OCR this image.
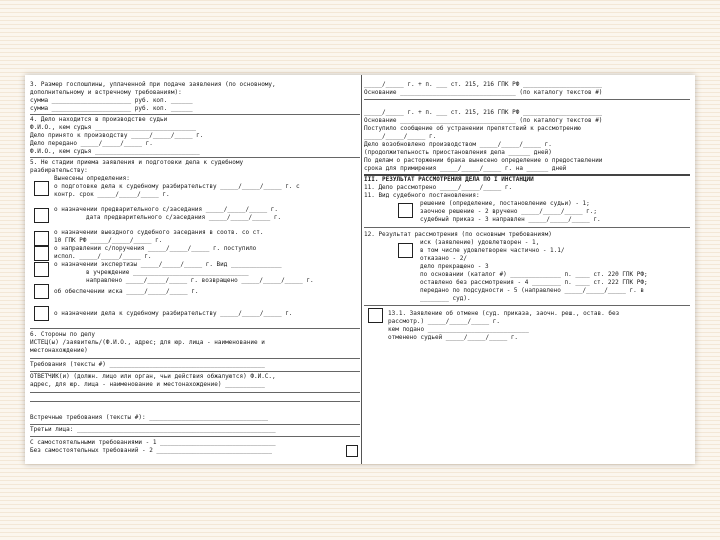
3. Размер госпошлины, уплаченной при подаче заявления (по основному,
дополнительному и встречному требованиям):
сумма ______________________ руб. коп. ______
сумма ______________________ руб. коп. ______
4. Дело находится в производстве судьи
Ф.И.О., кем судья ____________________________
Дело принято к производству _____/_____/_____ г.
Дело передано _____/_____/_____ г.
Ф.И.О., кем судья _____________________________
5. Не стадии приема заявления и подготовки дела к судебному
разбирательству:
Вынесены определения:
о подготовке дела к судебному разбирательству _____/_____/_____ г. с
контр. срок _____/_____/_____ г.
о назначении предварительного с/заседания _____/_____/_____ г.
дата предварительного с/заседания _____/_____/_____ г.
о назначении выездного судебного заседания в соотв. со ст.
10 ГПК РФ _____/_____/_____ г.
о направлении с/поручения _____/_____/_____ г. поступило
испол. _____/_____/_____ г.
о назначении экспертизы _____/_____/_____ г. Вид ______________
в учреждение ________________________________
направлено _____/_____/_____ г. возвращено _____/_____/_____ г.
об обеспечении иска _____/_____/_____ г.
о назначении дела к судебному разбирательству _____/_____/_____ г.
6. Стороны по делу
ИСТЕЦ(ы) /заявитель/(Ф.И.О., адрес; для юр. лица - наименование и
местонахождение)
Требования (тексты #) ___________________________________________
ОТВЕТЧИК(и) (должн. лицо или орган, чьи действия обжалуются) Ф.И.С.,
адрес, для юр. лица - наименование и местонахождение) ___________
Встречные требования (тексты #): _________________________________
Третьи лица: _______________________________________________________
С самостоятельными требованиями - 1 ________________________________
Без самостоятельных требований - 2 ________________________________
_____/_____ г. + п. ___ ст. 215, 216 ГПК РФ ______________________
Основание ________________________________ (по каталогу текстов #)
_____/_____ г. + п. ___ ст. 215, 216 ГПК РФ ______________________
Основание ________________________________ (по каталогу текстов #)
Поступило сообщение об устранении препятствий к рассмотрению
_____/_____/_____ г.
Дело возобновлено производством _____/_____/_____ г.
(продолжительность приостановления дела ______ дней)
По делам о расторжении брака вынесено определение о предоставлении
срока для примирения _____/_____/_____ г. на ______ дней
III. РЕЗУЛЬТАТ РАССМОТРЕНИЯ ДЕЛА ПО I ИНСТАНЦИИ
11. Дело рассмотрено _____/_____/_____ г.
11. Вид судебного постановления:
решение (определение, постановление судьи) - 1;
заочное решение - 2 вручено _____/_____/_____ г.;
судебный приказ - 3 направлен _____/_____/_____ г.
12. Результат рассмотрения (по основным требованиям)
иск (заявление) удовлетворен - 1,
в том числе удовлетворен частично - 1.1/
отказано - 2/
дело прекращено - 3
по основании (каталог #) ______________ п. ____ ст. 220 ГПК РФ;
оставлено без рассмотрения - 4 ________ п. ____ ст. 222 ГПК РФ;
передано по подсудности - 5 (направлено _____/_____/_____ г. в
________ суд).
13.1. Заявление об отмене (суд. приказа, заочн. реш., остав. без
рассмотр.) _____/_____/_____ г.
кем подано ____________________________
отменено судьей _____/_____/_____ г.
